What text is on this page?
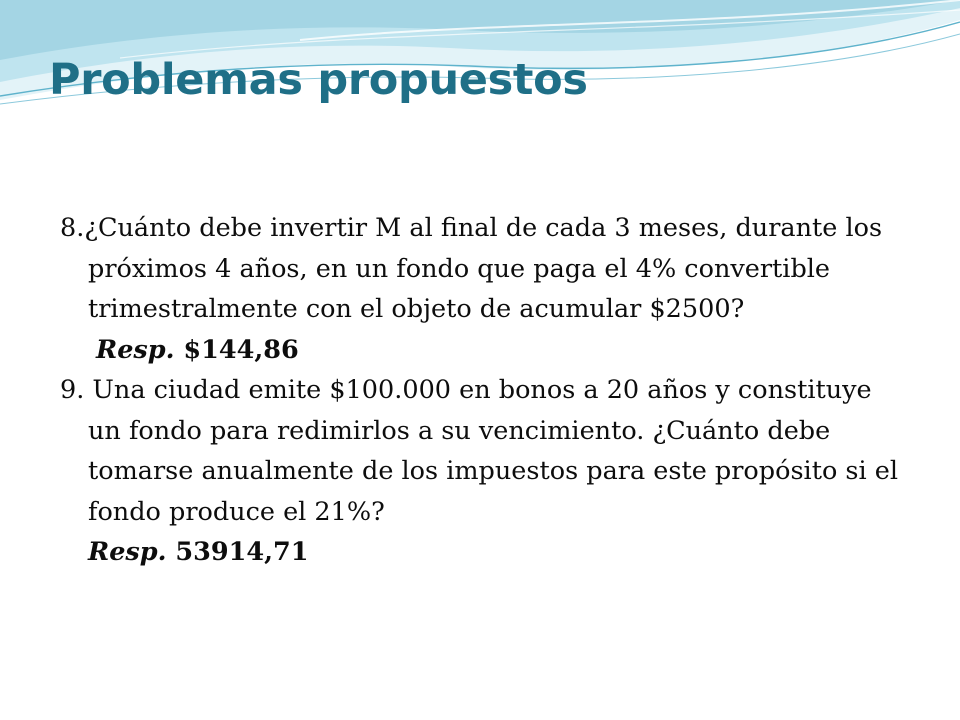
Problemas propuestos

8.¿Cuánto debe invertir M al final de cada 3 meses, durante los próximos 4 años, en un fondo que paga el 4% convertible trimestralmente con el objeto de acumular $2500?

Resp. $144,86

9. Una ciudad emite $100.000 en bonos a 20 años y constituye un fondo para redimirlos a su vencimiento. ¿Cuánto debe tomarse anualmente de los impuestos para este propósito si el fondo produce el 21%?
Resp. 53914,71
